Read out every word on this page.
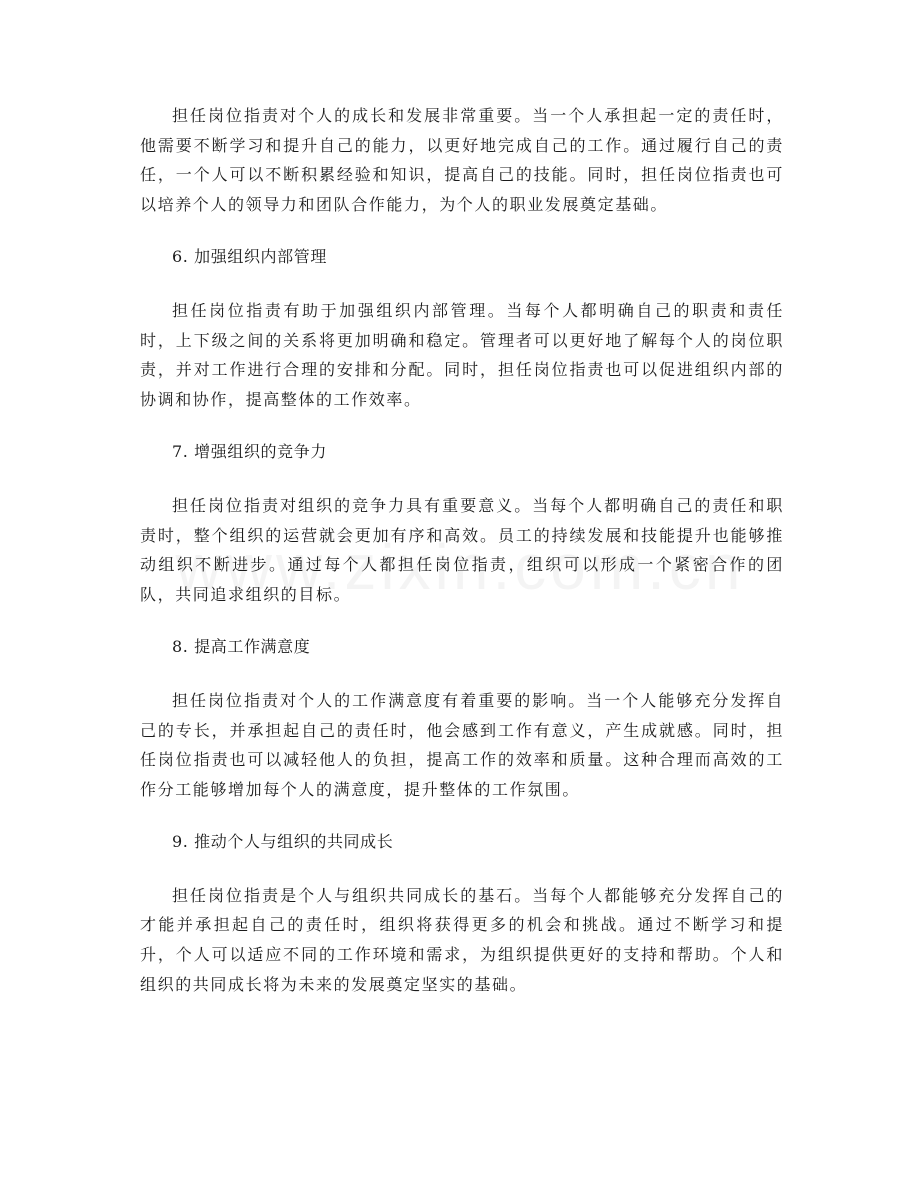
担任岗位指责对个人的成长和发展非常重要。当一个人承担起一定的责任时，他需要不断学习和提升自己的能力，以更好地完成自己的工作。通过履行自己的责任，一个人可以不断积累经验和知识，提高自己的技能。同时，担任岗位指责也可以培养个人的领导力和团队合作能力，为个人的职业发展奠定基础。

6. 加强组织内部管理

担任岗位指责有助于加强组织内部管理。当每个人都明确自己的职责和责任时，上下级之间的关系将更加明确和稳定。管理者可以更好地了解每个人的岗位职责，并对工作进行合理的安排和分配。同时，担任岗位指责也可以促进组织内部的协调和协作，提高整体的工作效率。

7. 增强组织的竞争力

担任岗位指责对组织的竞争力具有重要意义。当每个人都明确自己的责任和职责时，整个组织的运营就会更加有序和高效。员工的持续发展和技能提升也能够推动组织不断进步。通过每个人都担任岗位指责，组织可以形成一个紧密合作的团队，共同追求组织的目标。

8. 提高工作满意度

担任岗位指责对个人的工作满意度有着重要的影响。当一个人能够充分发挥自己的专长，并承担起自己的责任时，他会感到工作有意义，产生成就感。同时，担任岗位指责也可以减轻他人的负担，提高工作的效率和质量。这种合理而高效的工作分工能够增加每个人的满意度，提升整体的工作氛围。

9. 推动个人与组织的共同成长

担任岗位指责是个人与组织共同成长的基石。当每个人都能够充分发挥自己的才能并承担起自己的责任时，组织将获得更多的机会和挑战。通过不断学习和提升，个人可以适应不同的工作环境和需求，为组织提供更好的支持和帮助。个人和组织的共同成长将为未来的发展奠定坚实的基础。
